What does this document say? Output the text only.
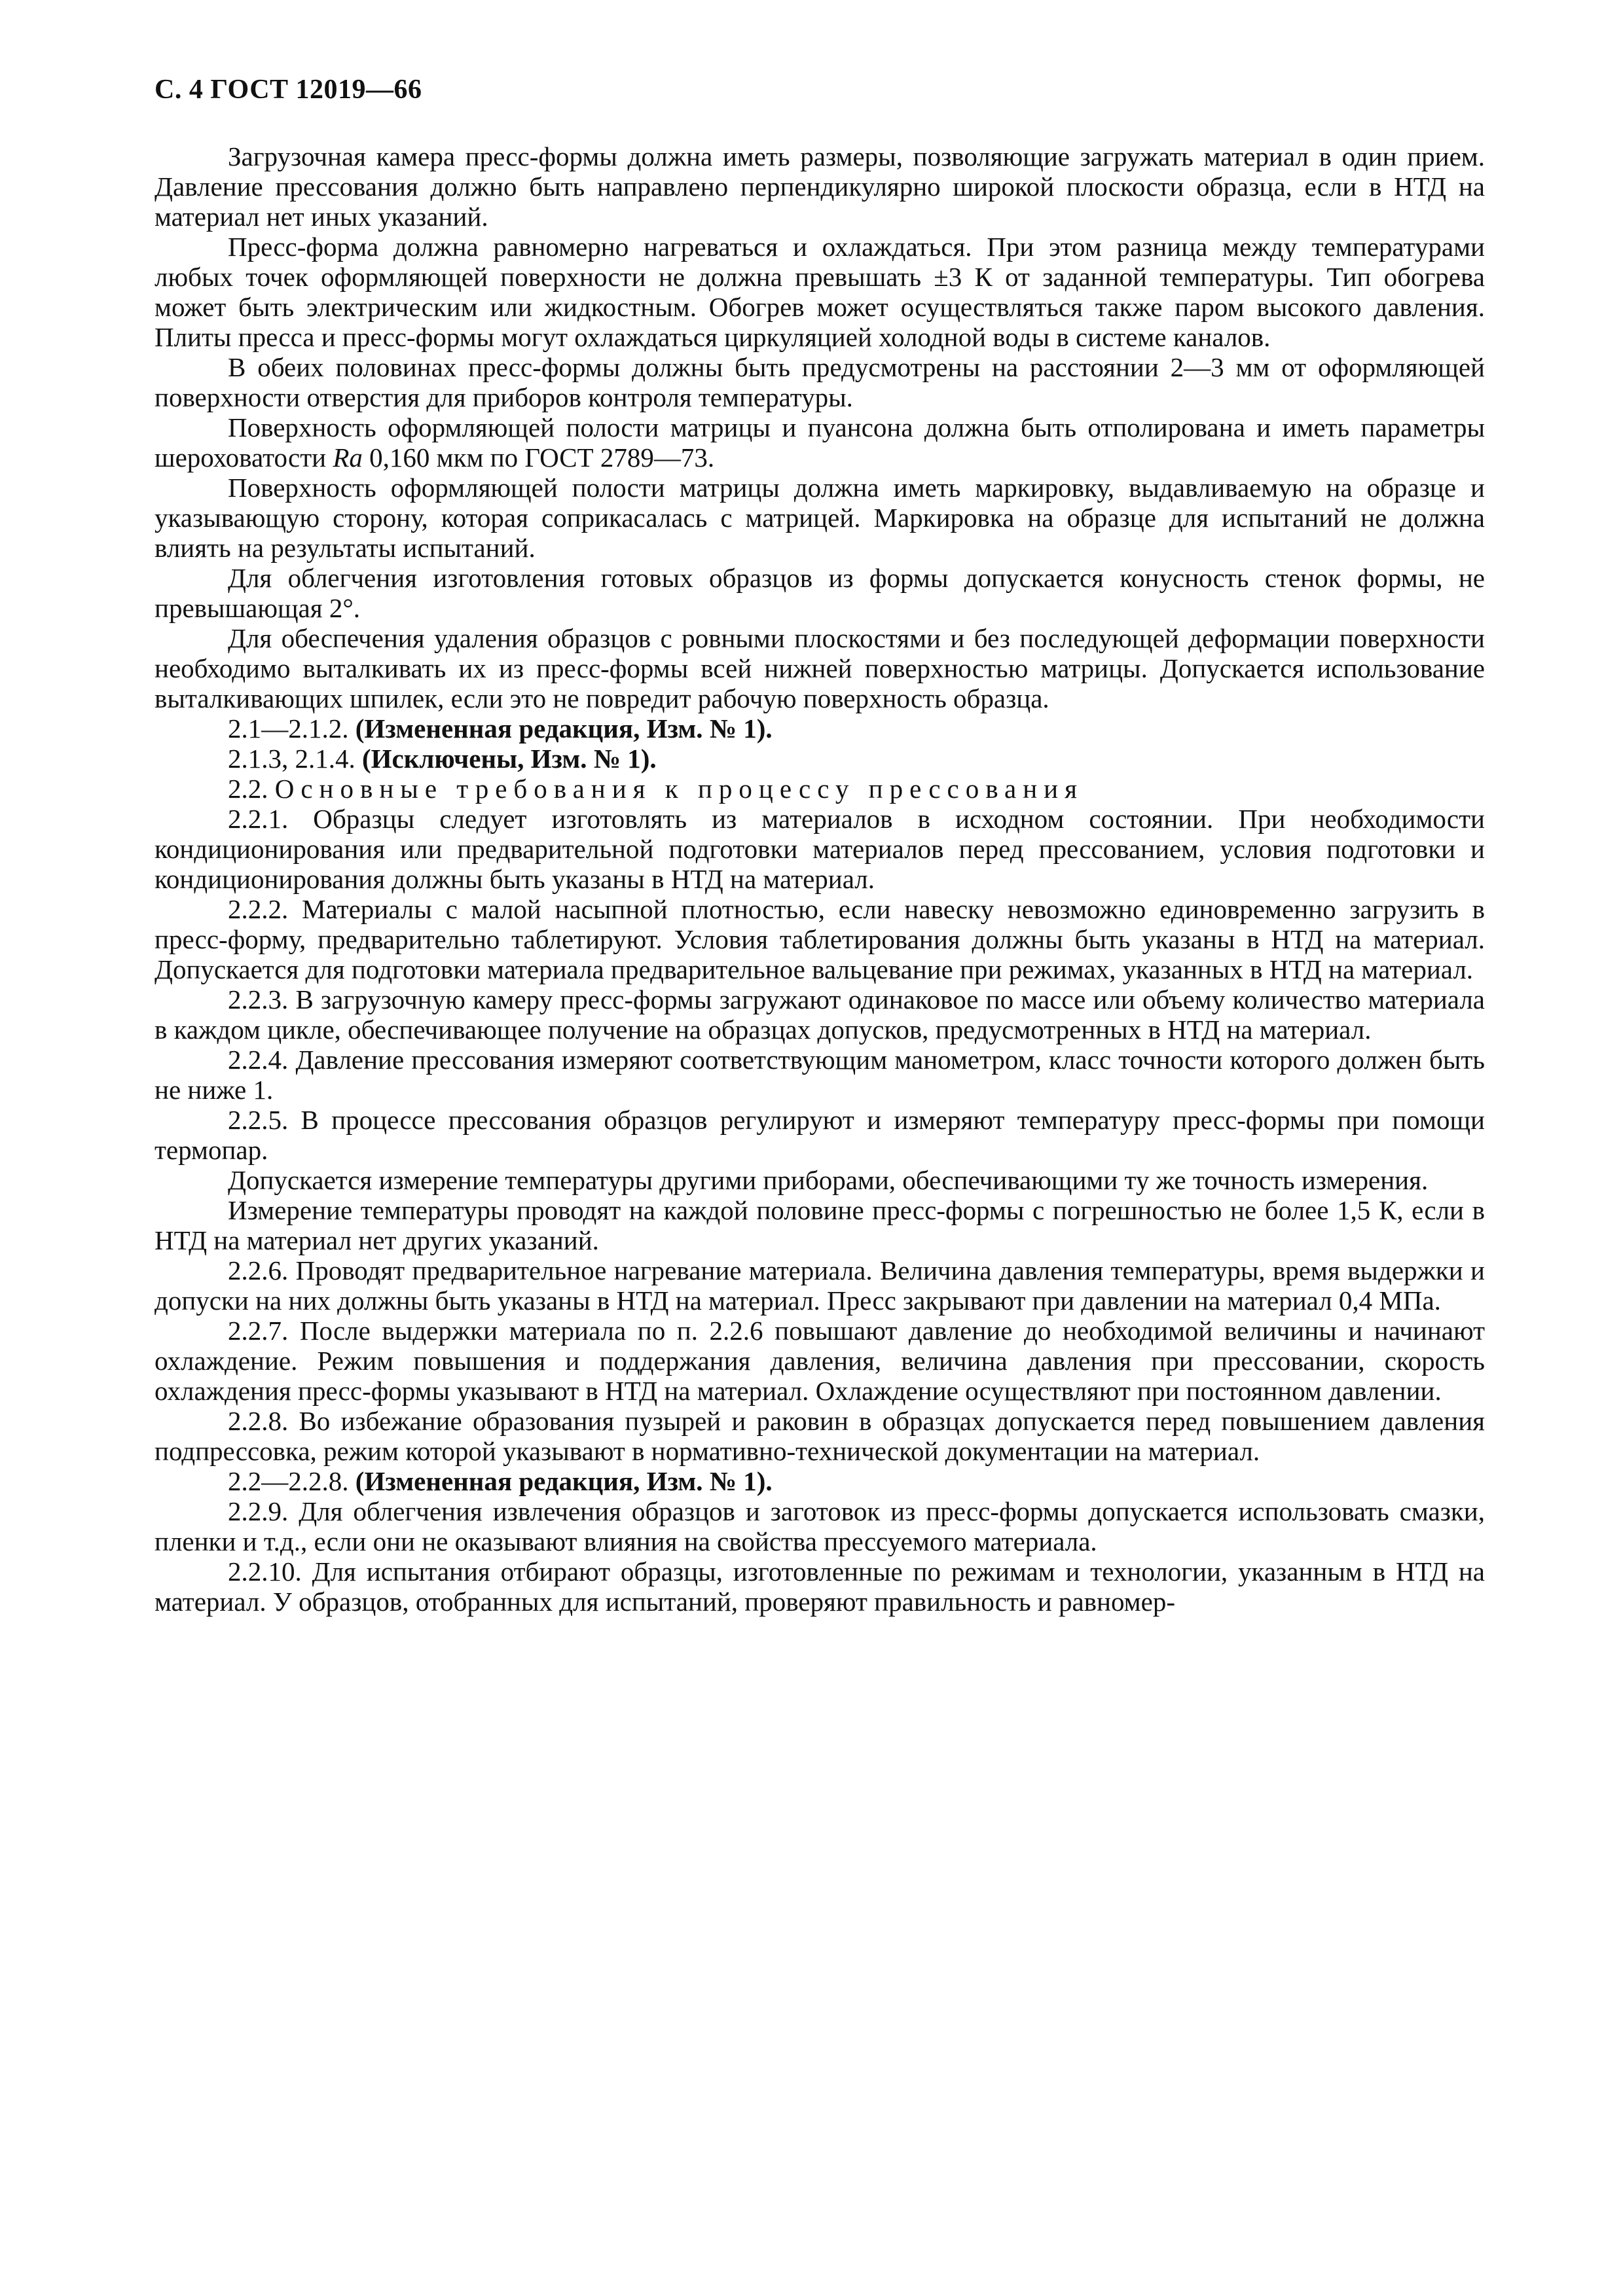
С. 4 ГОСТ 12019—66

Загрузочная камера пресс-формы должна иметь размеры, позволяющие загружать материал в один прием. Давление прессования должно быть направлено перпендикулярно широкой плоскости образца, если в НТД на материал нет иных указаний.

Пресс-форма должна равномерно нагреваться и охлаждаться. При этом разница между температурами любых точек оформляющей поверхности не должна превышать ±3 К от заданной температуры. Тип обогрева может быть электрическим или жидкостным. Обогрев может осуществляться также паром высокого давления. Плиты пресса и пресс-формы могут охлаждаться циркуляцией холодной воды в системе каналов.

В обеих половинах пресс-формы должны быть предусмотрены на расстоянии 2—3 мм от оформляющей поверхности отверстия для приборов контроля температуры.

Поверхность оформляющей полости матрицы и пуансона должна быть отполирована и иметь параметры шероховатости Ra 0,160 мкм по ГОСТ 2789—73.

Поверхность оформляющей полости матрицы должна иметь маркировку, выдавливаемую на образце и указывающую сторону, которая соприкасалась с матрицей. Маркировка на образце для испытаний не должна влиять на результаты испытаний.

Для облегчения изготовления готовых образцов из формы допускается конусность стенок формы, не превышающая 2°.

Для обеспечения удаления образцов с ровными плоскостями и без последующей деформации поверхности необходимо выталкивать их из пресс-формы всей нижней поверхностью матрицы. Допускается использование выталкивающих шпилек, если это не повредит рабочую поверхность образца.

2.1—2.1.2. (Измененная редакция, Изм. № 1).

2.1.3, 2.1.4. (Исключены, Изм. № 1).

2.2. Основные требования к процессу прессования

2.2.1. Образцы следует изготовлять из материалов в исходном состоянии. При необходимости кондиционирования или предварительной подготовки материалов перед прессованием, условия подготовки и кондиционирования должны быть указаны в НТД на материал.

2.2.2. Материалы с малой насыпной плотностью, если навеску невозможно единовременно загрузить в пресс-форму, предварительно таблетируют. Условия таблетирования должны быть указаны в НТД на материал. Допускается для подготовки материала предварительное вальцевание при режимах, указанных в НТД на материал.

2.2.3. В загрузочную камеру пресс-формы загружают одинаковое по массе или объему количество материала в каждом цикле, обеспечивающее получение на образцах допусков, предусмотренных в НТД на материал.

2.2.4. Давление прессования измеряют соответствующим манометром, класс точности которого должен быть не ниже 1.

2.2.5. В процессе прессования образцов регулируют и измеряют температуру пресс-формы при помощи термопар.

Допускается измерение температуры другими приборами, обеспечивающими ту же точность измерения.

Измерение температуры проводят на каждой половине пресс-формы с погрешностью не более 1,5 К, если в НТД на материал нет других указаний.

2.2.6. Проводят предварительное нагревание материала. Величина давления температуры, время выдержки и допуски на них должны быть указаны в НТД на материал. Пресс закрывают при давлении на материал 0,4 МПа.

2.2.7. После выдержки материала по п. 2.2.6 повышают давление до необходимой величины и начинают охлаждение. Режим повышения и поддержания давления, величина давления при прессовании, скорость охлаждения пресс-формы указывают в НТД на материал. Охлаждение осуществляют при постоянном давлении.

2.2.8. Во избежание образования пузырей и раковин в образцах допускается перед повышением давления подпрессовка, режим которой указывают в нормативно-технической документации на материал.

2.2—2.2.8. (Измененная редакция, Изм. № 1).

2.2.9. Для облегчения извлечения образцов и заготовок из пресс-формы допускается использовать смазки, пленки и т.д., если они не оказывают влияния на свойства прессуемого материала.

2.2.10. Для испытания отбирают образцы, изготовленные по режимам и технологии, указанным в НТД на материал. У образцов, отобранных для испытаний, проверяют правильность и равномер-
